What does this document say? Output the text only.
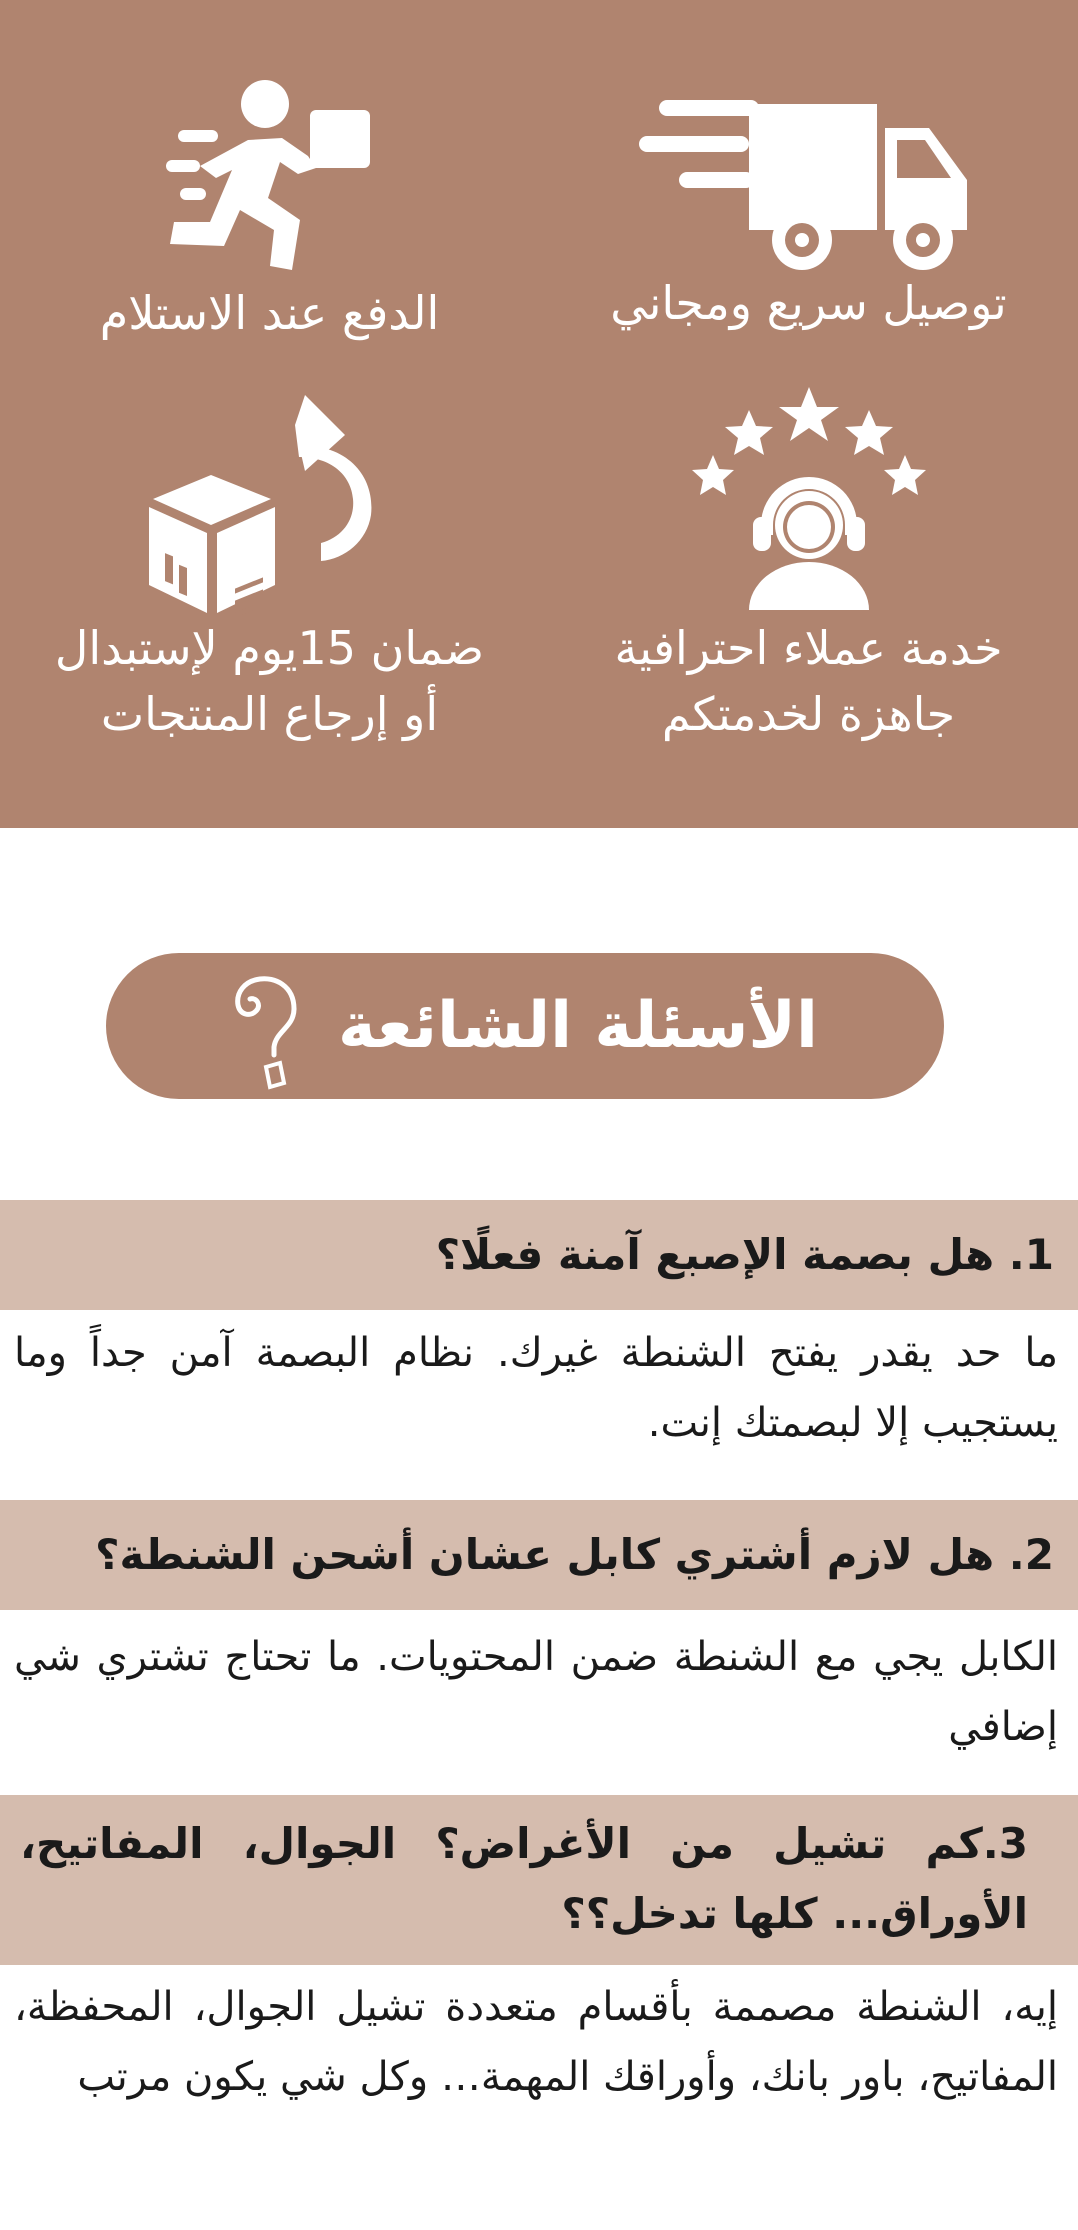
توصيل سريع ومجاني
الدفع عند الاستلام
خدمة عملاء احترافية
جاهزة لخدمتكم
ضمان 15يوم لإستبدال
أو إرجاع المنتجات
الأسئلة الشائعة
1. هل بصمة الإصبع آمنة فعلًا؟
ما حد يقدر يفتح الشنطة غيرك. نظام البصمة آمن جداً وما يستجيب إلا لبصمتك إنت.
2. هل لازم أشتري كابل عشان أشحن الشنطة؟
الكابل يجي مع الشنطة ضمن المحتويات. ما تحتاج تشتري شي إضافي
3.كم تشيل من الأغراض؟ الجوال، المفاتيح، الأوراق... كلها تدخل؟؟
إيه، الشنطة مصممة بأقسام متعددة تشيل الجوال، المحفظة، المفاتيح، باور بانك، وأوراقك المهمة… وكل شي يكون مرتب
